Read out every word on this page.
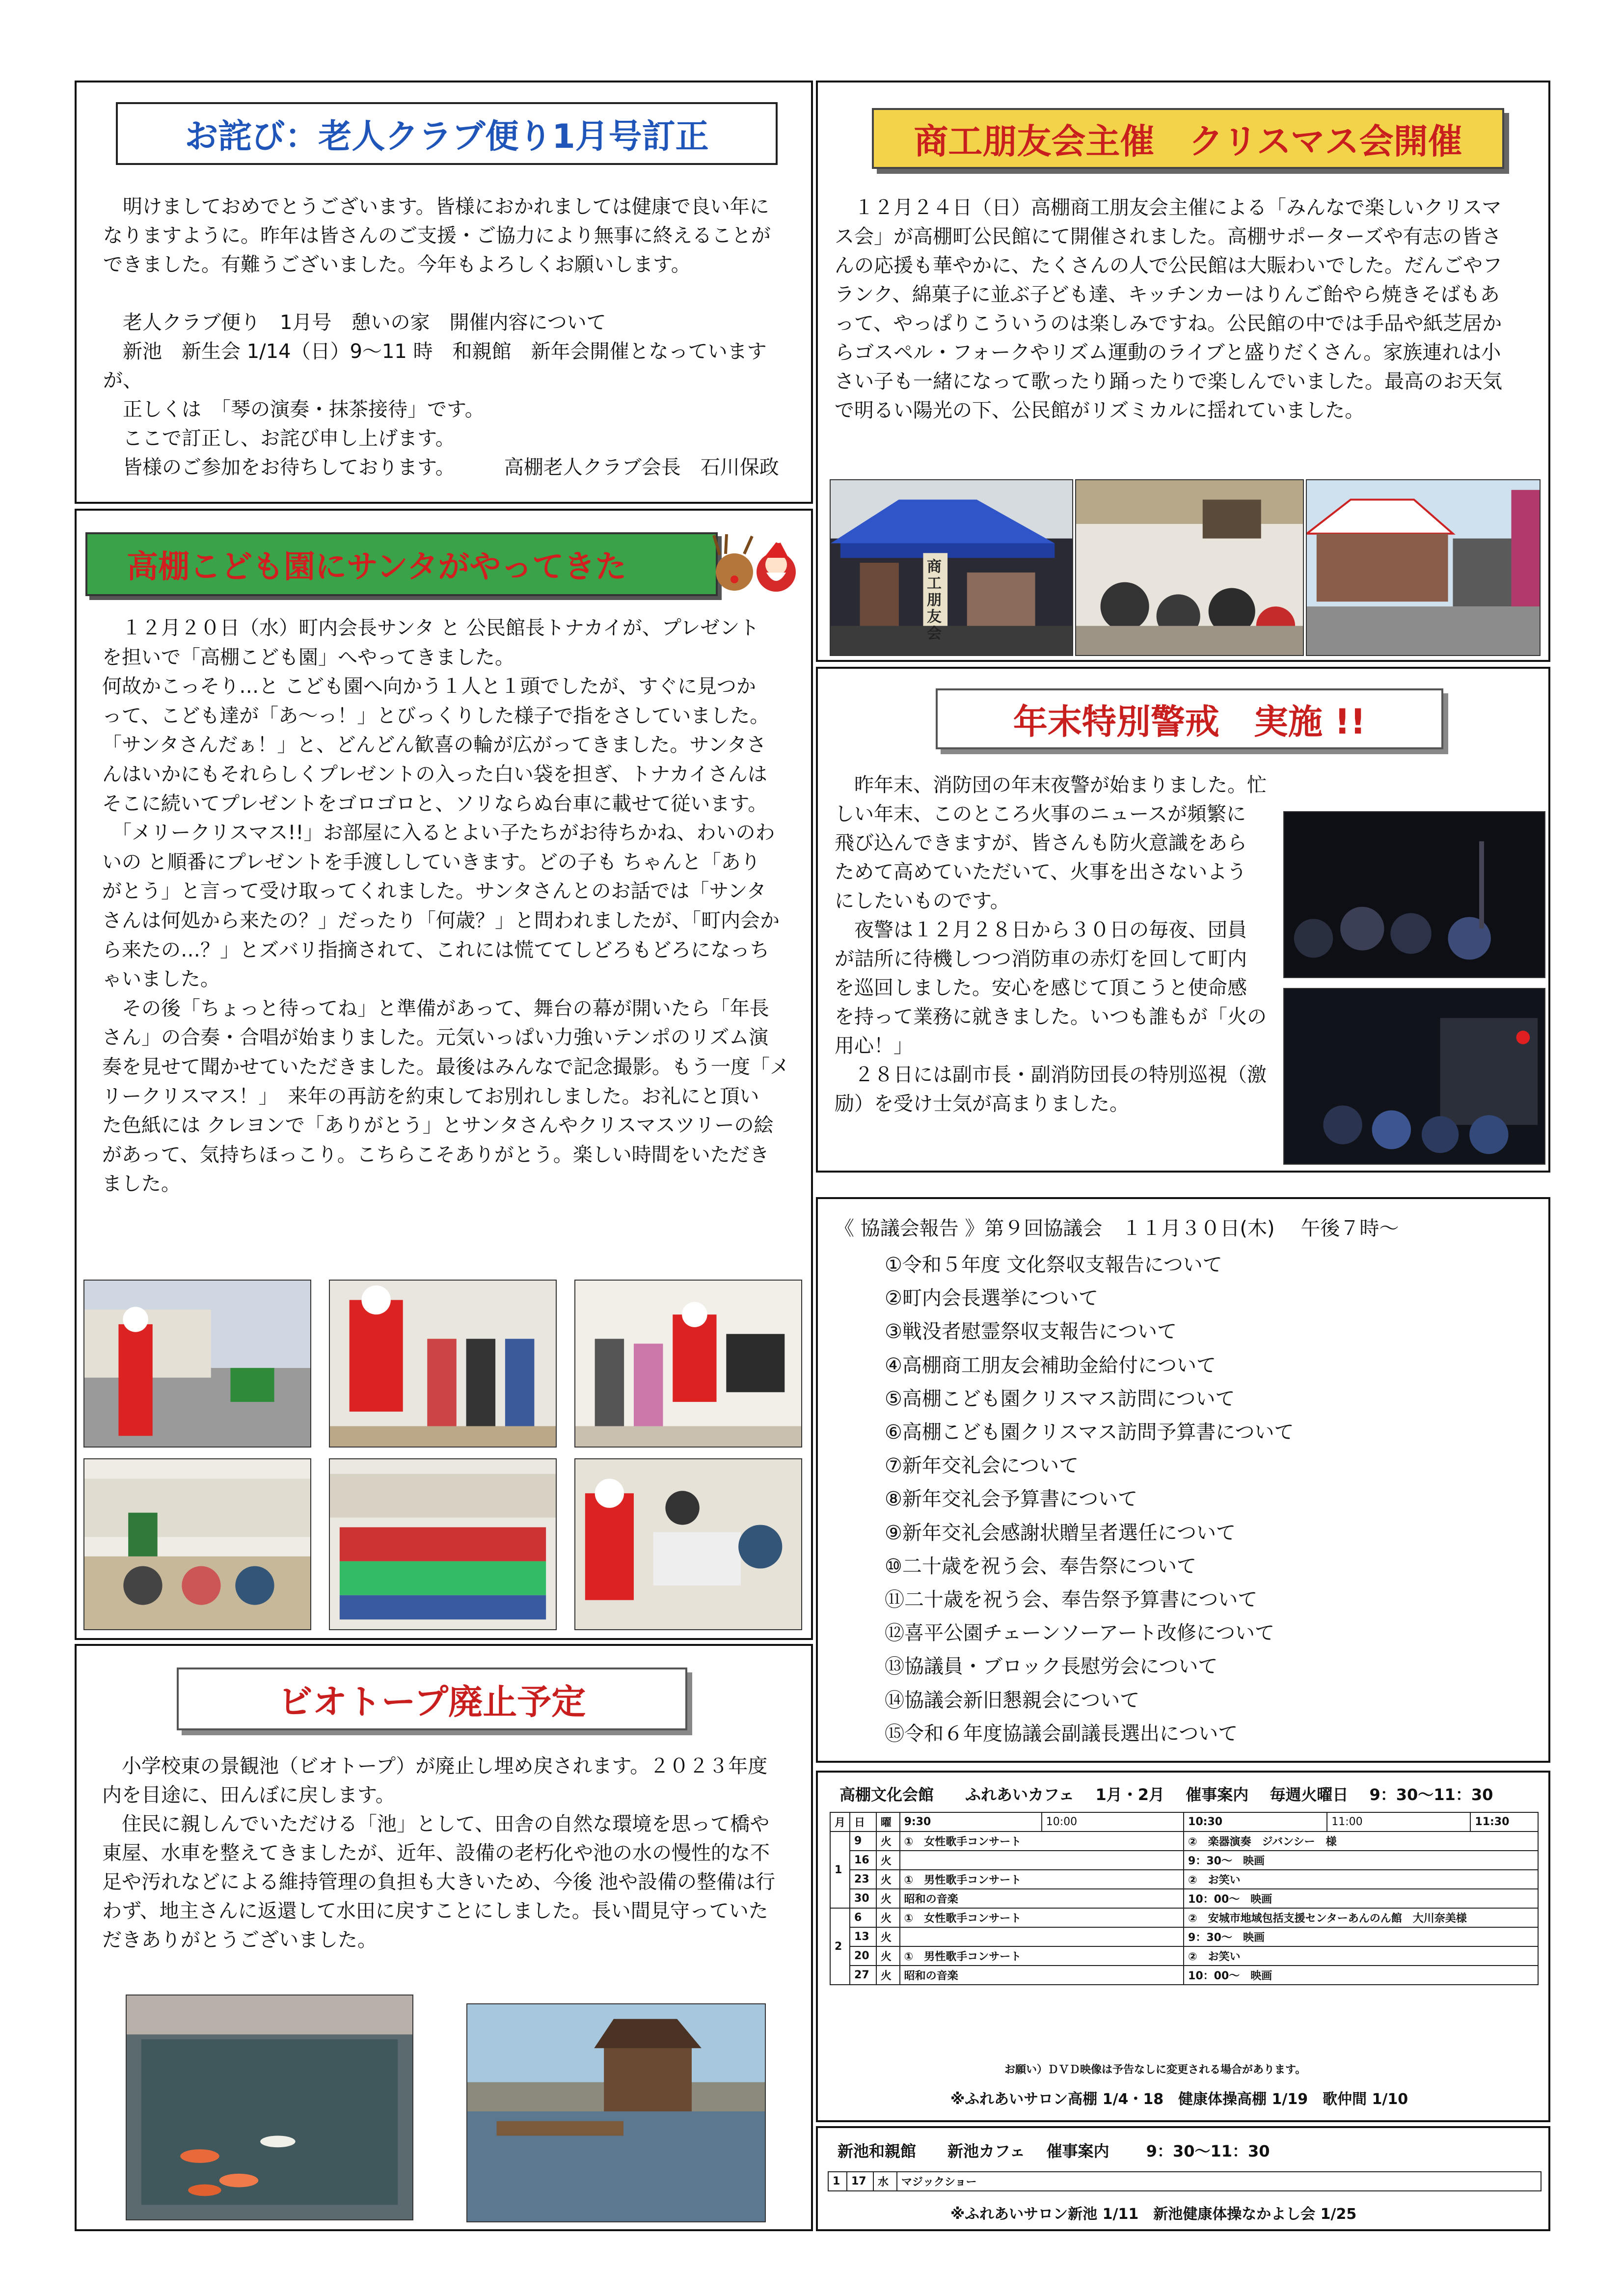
お詫び：老人クラブ便り1月号訂正
　明けましておめでとうございます。皆様におかれましては健康で良い年に
なりますように。昨年は皆さんのご支援・ご協力により無事に終えることが
できました。有難うございました。今年もよろしくお願いします。

　老人クラブ便り　1月号　憩いの家　開催内容について
　新池　新生会 1/14（日）9～11 時　和親館　新年会開催となっていますが、
　正しくは　「琴の演奏・抹茶接待」です。
　ここで訂正し、お詫び申し上げます。
　皆様のご参加をお待ちしております。　　　高棚老人クラブ会長　石川保政
商工朋友会主催　クリスマス会開催
　１２月２４日（日）高棚商工朋友会主催による「みんなで楽しいクリスマ
ス会」が高棚町公民館にて開催されました。高棚サポーターズや有志の皆さ
んの応援も華やかに、たくさんの人で公民館は大賑わいでした。だんごやフ
ランク、綿菓子に並ぶ子ども達、キッチンカーはりんご飴やら焼きそばもあ
って、やっぱりこういうのは楽しみですね。公民館の中では手品や紙芝居か
らゴスペル・フォークやリズム運動のライブと盛りだくさん。家族連れは小
さい子も一緒になって歌ったり踊ったりで楽しんでいました。最高のお天気
で明るい陽光の下、公民館がリズミカルに揺れていました。
商工朋友会
高棚こども園にサンタがやってきた
　１２月２０日（水）町内会長サンタ と 公民館長トナカイが、プレゼント
を担いで「高棚こども園」へやってきました。
何故かこっそり…と こども園へ向かう１人と１頭でしたが、すぐに見つか
って、こども達が「あ～っ！」とびっくりした様子で指をさしていました。
「サンタさんだぁ！」と、どんどん歓喜の輪が広がってきました。サンタさ
んはいかにもそれらしくプレゼントの入った白い袋を担ぎ、トナカイさんは
そこに続いてプレゼントをゴロゴロと、ソリならぬ台車に載せて従います。
　「メリークリスマス!!」お部屋に入るとよい子たちがお待ちかね、わいのわ
いの と順番にプレゼントを手渡ししていきます。どの子も ちゃんと「あり
がとう」と言って受け取ってくれました。サンタさんとのお話では「サンタ
さんは何処から来たの？」だったり「何歳？」と問われましたが、「町内会か
ら来たの…？」とズバリ指摘されて、これには慌ててしどろもどろになっち
ゃいました。
　その後「ちょっと待ってね」と準備があって、舞台の幕が開いたら「年長
さん」の合奏・合唱が始まりました。元気いっぱい力強いテンポのリズム演
奏を見せて聞かせていただきました。最後はみんなで記念撮影。もう一度「メ
リークリスマス！」　来年の再訪を約束してお別れしました。お礼にと頂い
た色紙には クレヨンで「ありがとう」とサンタさんやクリスマスツリーの絵
があって、気持ちほっこり。こちらこそありがとう。楽しい時間をいただき
ました。
年末特別警戒　実施 !!
　昨年末、消防団の年末夜警が始まりました。忙
しい年末、このところ火事のニュースが頻繁に
飛び込んできますが、皆さんも防火意識をあら
ためて高めていただいて、火事を出さないよう
にしたいものです。
　夜警は１２月２８日から３０日の毎夜、団員
が詰所に待機しつつ消防車の赤灯を回して町内
を巡回しました。安心を感じて頂こうと使命感
を持って業務に就きました。いつも誰もが「火の
用心！」
　２８日には副市長・副消防団長の特別巡視（激
励）を受け士気が高まりました。
ビオトープ廃止予定
　小学校東の景観池（ビオトープ）が廃止し埋め戻されます。２０２３年度
内を目途に、田んぼに戻します。
　住民に親しんでいただける「池」として、田舎の自然な環境を思って橋や
東屋、水車を整えてきましたが、近年、設備の老朽化や池の水の慢性的な不
足や汚れなどによる維持管理の負担も大きいため、今後 池や設備の整備は行
わず、地主さんに返還して水田に戻すことにしました。長い間見守っていた
だきありがとうございました。
《 協議会報告 》第９回協議会　１１月３０日(木)　 午後７時～
①令和５年度 文化祭収支報告について
②町内会長選挙について
③戦没者慰霊祭収支報告について
④高棚商工朋友会補助金給付について
⑤高棚こども園クリスマス訪問について
⑥高棚こども園クリスマス訪問予算書について
⑦新年交礼会について
⑧新年交礼会予算書について
⑨新年交礼会感謝状贈呈者選任について
⑩二十歳を祝う会、奉告祭について
⑪二十歳を祝う会、奉告祭予算書について
⑫喜平公園チェーンソーアート改修について
⑬協議員・ブロック長慰労会について
⑭協議会新旧懇親会について
⑮令和６年度協議会副議長選出について
高棚文化会館　　ふれあいカフェ　 1月・2月　 催事案内　 毎週火曜日　 9：30～11：30
月	日	曜	9:30	10:00	10:30	11:00	11:30
1	9	火	①　女性歌手コンサート		②　楽器演奏　ジバンシー　様		
	16	火			9：30～　映画		
	23	火	①　男性歌手コンサート		②　お笑い		
	30	火	昭和の音楽		10：00～　映画		
2	6	火	①　女性歌手コンサート		②　安城市地域包括支援センターあんのん館　大川奈美様		
	13	火			9：30～　映画		
	20	火	①　男性歌手コンサート		②　お笑い		
	27	火	昭和の音楽		10：00～　映画		
お願い）ＤＶＤ映像は予告なしに変更される場合があります。
※ふれあいサロン高棚 1/4・18　健康体操高棚 1/19　歌仲間 1/10
新池和親館　　新池カフェ　 催事案内　　 9：30～11：30
1	17	水	マジックショー
※ふれあいサロン新池 1/11　新池健康体操なかよし会 1/25
